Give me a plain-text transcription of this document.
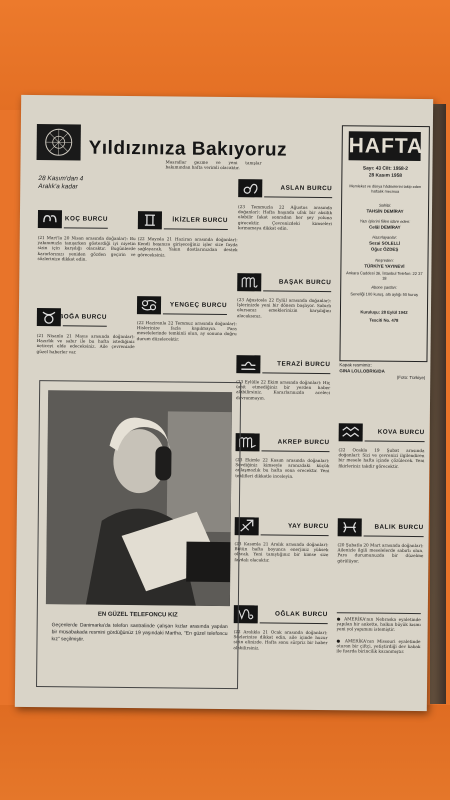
Yıldızınıza Bakıyoruz
28 Kasım'dan 4 Aralık'a kadar
Masraflar gezme ve yeni tanışlar bakımından hafta verimli olacaktır.
KOÇ BURCU
(21 Mart'la 20 Nisan arasında doğanlar): Bu yakınımızla tanışırken gösterdiği iyi niyetin sizin için karşılığı olacaktır. Bugünlerde kararlarınızı yeniden gözden geçirin ve sözlerinize dikkat edin.
BOĞA BURCU
(21 Nisanla 21 Mayıs arasında doğanlar): Hazırlık ve sabır ile bu hafta istediğiniz neticeyi elde edeceksiniz. Aile çevrenizde güzel haberler var.
İKİZLER BURCU
(22 Mayısla 21 Haziran arasında doğanlar): Kendi başınıza girişeceğiniz işler size fayda sağlayacak. Yakın dostlarınızdan destek göreceksiniz.
YENGEÇ BURCU
(22 Haziranla 22 Temmuz arasında doğanlar): Hislerinize fazla kapılmayın. Para meselelerinde temkinli olun, ay sonuna doğru durum düzelecektir.
ASLAN BURCU
(23 Temmuzla 22 Ağustos arasında doğanlar): Hafta başında ufak bir aksilik olabilir fakat sonradan her şey yoluna girecektir. Çevrenizdeki kimseleri kırmamaya dikkat edin.
BAŞAK BURCU
(23 Ağustosla 22 Eylül arasında doğanlar): İşlerinizde yeni bir dönem başlıyor. Sabırlı olursanız emeklerinizin karşılığını alacaksınız.
TERAZİ BURCU
(23 Eylülle 22 Ekim arasında doğanlar): Hiç ümit etmediğiniz bir yerden haber alabilirsiniz. Kararlarınızda aceleci davranmayın.
AKREP BURCU
(23 Ekimle 22 Kasım arasında doğanlar): Sevdiğiniz kimseyle aranızdaki küçük anlaşmazlık bu hafta sona erecektir. Yeni teklifleri dikkatle inceleyin.
YAY BURCU
(23 Kasımla 21 Aralık arasında doğanlar): Bütün hafta boyunca enerjiniz yüksek olacak. Yeni tanıştığınız bir kimse size faydalı olacaktır.
OĞLAK BURCU
(22 Aralıkla 21 Ocak arasında doğanlar): Sözlerinize dikkat edin, aile içinde huzur sizin elinizde. Hafta sonu sürpriz bir haber alabilirsiniz.
HAFTA
Sayı: 43 Cilt: 1958-2
28 Kasım 1958
Memleket ve dünya hâdiselerini takip eden haftalık mecmua
Sahibi:
TAHSİN DEMİRAY
Yazı işlerini fiilen idare eden:
Celâl DEMİRAY
Hazırlayanlar:
Sezai SOLELLİ
Oğuz ÖZDEŞ
Neşreden:
TÜRKİYE YAYINEVİ
Ankara Caddesi 36, İstanbul Telefon: 22 37 18
Abone şartları:
Seneliği 100 kuruş, altı aylığı 50 kuruş
Kuruluşu: 28 Eylül 1942
Tesciti No. 478
Kapak resmimiz:
GINA LOLLOBRIGIDA
(Foto: Türkiye)
KOVA BURCU
(22 Ocakla 19 Şubat arasında doğanlar): Sizi ve çevrenizi ilgilendiren bir mesele hafta içinde çözülecek. Yeni fikirleriniz takdir görecektir.
BALIK BURCU
(20 Şubatla 20 Mart arasında doğanlar): Ailenizle ilgili meselelerde sabırlı olun. Para durumunuzda bir düzelme görülüyor.
● AMERİKA'nın Nebraska eyaletinde yapılan bir ankette, halkın büyük kısmı yeni yol yapımını istemiştir.
● AMERİKA'nın Missouri eyaletinde oturan bir çiftçi, yetiştirdiği dev kabak ile fuarda birincilik kazanmıştır.
EN GÜZEL TELEFONCU KIZ
Geçenlerde Danimarka'da telefon santralinde çalışan kızlar arasında yapılan bir müsabakada resmini gördüğünüz 19 yaşındaki Martha, "En güzel telefoncu kız" seçilmiştir.
